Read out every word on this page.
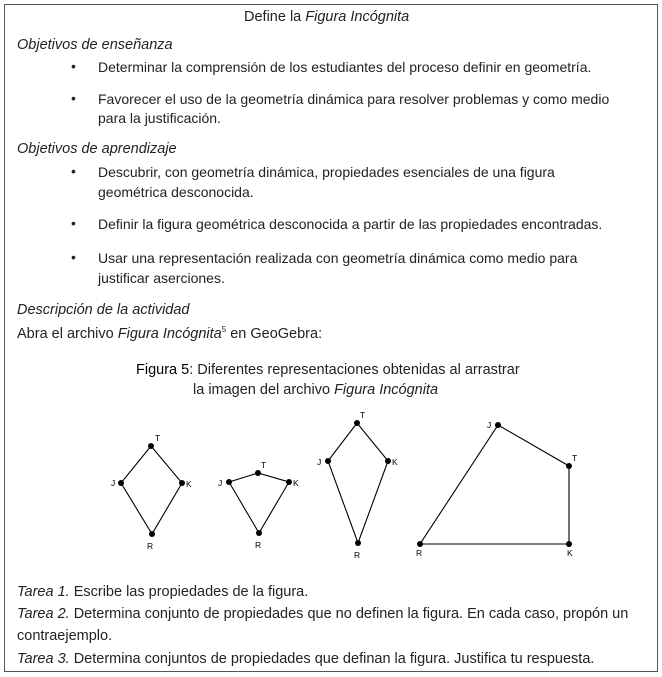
Define la Figura Incógnita
Objetivos de enseñanza
• Determinar la comprensión de los estudiantes del proceso definir en geometría.
• Favorecer el uso de la geometría dinámica para resolver problemas y como medio
para la justificación.
Objetivos de aprendizaje
• Descubrir, con geometría dinámica, propiedades esenciales de una figura
geométrica desconocida.
• Definir la figura geométrica desconocida a partir de las propiedades encontradas.
• Usar una representación realizada con geometría dinámica como medio para
justificar aserciones.
Descripción de la actividad
Abra el archivo Figura Incógnita$^5$ en GeoGebra:
Figura 5: Diferentes representaciones obtenidas al arrastrar
la imagen del archivo Figura Incógnita
T
J	K
R
T
J	K
R
T
J	K
R
J
T
K
R
Tarea 1. Escribe las propiedades de la figura.
Tarea 2. Determina conjunto de propiedades que no definen la figura. En cada caso, propón un
contraejemplo.
Tarea 3. Determina conjuntos de propiedades que definan la figura. Justifica tu respuesta.
